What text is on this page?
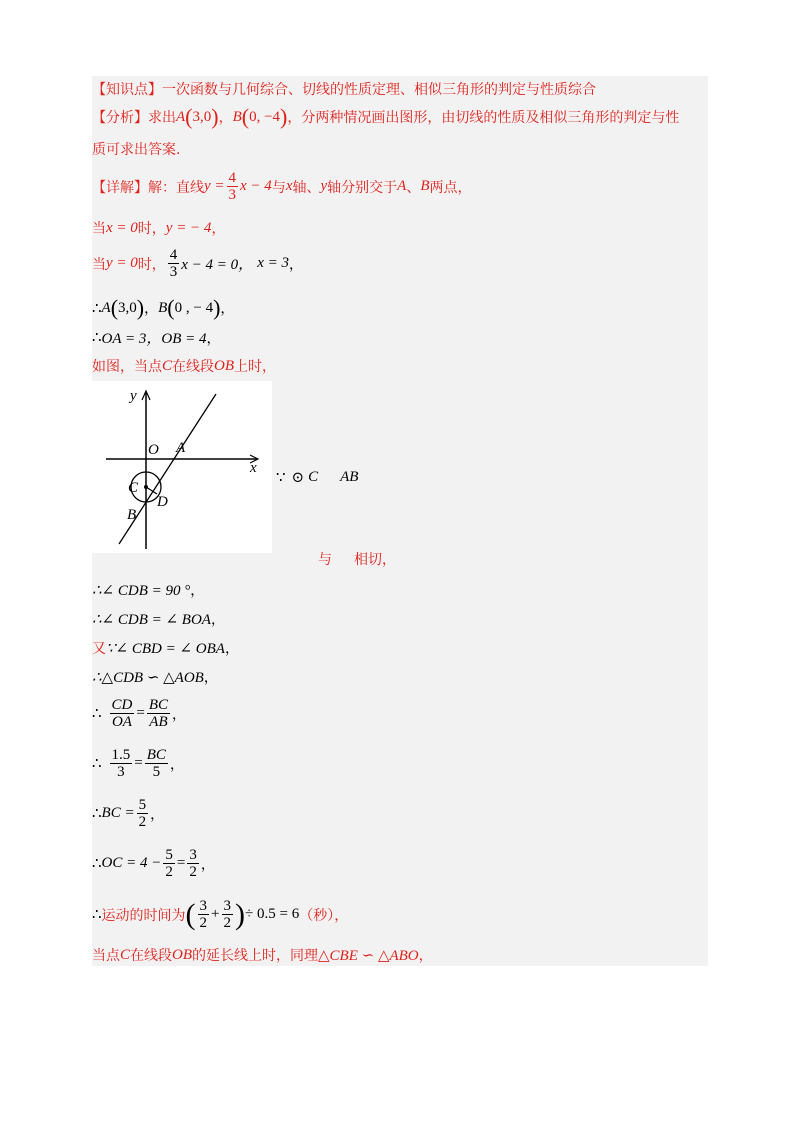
【知识点】 一次函数与几何综合、切线的性质定理、相似三角形的判定与性质综合
【分析】 求出 A ( 3,0 ) ， B ( 0, −4 ) ，分两种情况画出图形，由切线的性质及相似三角形的判定与性
质可求出答案.
【详解】 解：直线 $y = \frac{4}{3}$ x − 4 与 x 轴、 y 轴分别交于 A 、 B 两点，
当 x = 0 时， y = − 4 ，
当 y = 0 时， $\frac{4}{3}$ x − 4 = 0， x = 3 ，
∴ A ( 3,0 ) ， B ( 0 , − 4 ) ，
∴ OA = 3，OB = 4 ，
如图，当点 C 在线段 OB 上时，
y
x
O A
C
D
B
∵ ⊙ C AB
与 相切，
∴∠ CDB = 90 ° ，
∴∠ CDB = ∠ BOA ，
又 ∵∠ CBD = ∠ OBA ，
∴△CDB ∽ △AOB ，
∴ $\frac{CD}{OA} = \frac{BC}{AB}$ ，
∴ $\frac{1.5}{3} = \frac{BC}{5}$ ，
∴ BC = $\frac{5}{2}$ ，
∴ OC = $4 - \frac{5}{2} = \frac{3}{2}$ ，
∴ 运动的时间为 ( $\frac{3}{2} + \frac{3}{2}$ ) ÷ 0.5 = 6 （秒），
当点 C 在线段 OB 的延长线上时，同理 △CBE ∽ △ABO ，
